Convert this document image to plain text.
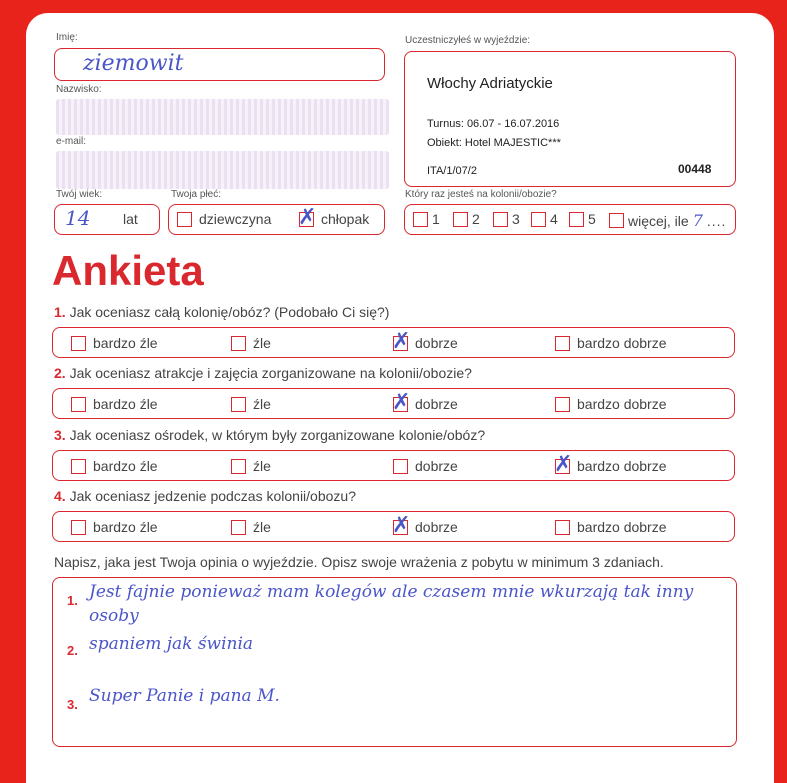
Imię:
ziemowit
Nazwisko:
e-mail:
Twój wiek:
14 lat
Twoja płeć:
dziewczyna ✗ chłopak
Uczestniczyłeś w wyjeździe:
Włochy Adriatyckie
Turnus: 06.07 - 16.07.2016
Obiekt: Hotel MAJESTIC***
ITA/1/07/2	00448
Który raz jesteś na kolonii/obozie?
1 2 3 4 5 więcej, ile 7 ....
Ankieta
1. Jak oceniasz całą kolonię/obóz? (Podobało Ci się?)
bardzo źle	źle	✗ dobrze	bardzo dobrze
2. Jak oceniasz atrakcje i zajęcia zorganizowane na kolonii/obozie?
bardzo źle	źle	✗ dobrze	bardzo dobrze
3. Jak oceniasz ośrodek, w którym były zorganizowane kolonie/obóz?
bardzo źle	źle	dobrze	✗ bardzo dobrze
4. Jak oceniasz jedzenie podczas kolonii/obozu?
bardzo źle	źle	✗ dobrze	bardzo dobrze
Napisz, jaka jest Twoja opinia o wyjeździe. Opisz swoje wrażenia z pobytu w minimum 3 zdaniach.
1. Jest fajnie ponieważ mam kolegów ale czasem mnie wkurzają tak inny osoby
2. spaniem jak świnia
3. Super Panie i pana M.
